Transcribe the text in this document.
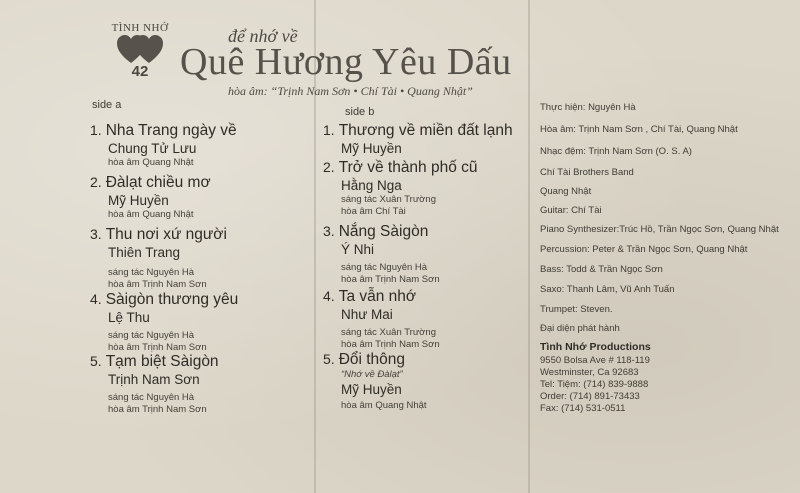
TÌNH NHỚ
42
để nhớ về
Quê Hương Yêu Dấu
hòa âm: “Trịnh Nam Sơn • Chí Tài • Quang Nhật”
side a
side b
1. Nha Trang ngày về
Chung Tử Lưu
hòa âm Quang Nhật
2. Đàlạt chiều mơ
Mỹ Huyền
hòa âm Quang Nhật
3. Thu nơi xứ người
Thiên Trang
sáng tác Nguyên Hà
hòa âm Trịnh Nam Sơn
4. Sàigòn thương yêu
Lệ Thu
sáng tác Nguyên Hà
hòa âm Trịnh Nam Sơn
5. Tạm biệt Sàigòn
Trịnh Nam Sơn
sáng tác Nguyên Hà
hòa âm Trịnh Nam Sơn
1. Thương về miền đất lạnh
Mỹ Huyền
2. Trở về thành phố cũ
Hằng Nga
sáng tác Xuân Trường
hòa âm Chí Tài
3. Nắng Sàigòn
Ý Nhi
sáng tác Nguyên Hà
hòa âm Trịnh Nam Sơn
4. Ta vẫn nhớ
Như Mai
sáng tác Xuân Trường
hòa âm Trịnh Nam Sơn
5. Đổi thông
“Nhớ về Đàlạt”
Mỹ Huyền
hòa âm Quang Nhật
Thực hiện: Nguyên Hà
Hòa âm: Trịnh Nam Sơn , Chí Tài, Quang Nhật
Nhạc đệm: Trịnh Nam Sơn (O. S. A)
Chí Tài Brothers Band
Quang Nhật
Guitar: Chí Tài
Piano Synthesizer:Trúc Hồ, Trần Ngọc Sơn, Quang Nhật
Percussion: Peter & Trần Ngọc Sơn, Quang Nhật
Bass: Todd & Trần Ngọc Sơn
Saxo: Thanh Lâm, Vũ Anh Tuấn
Trumpet: Steven.
Đại diện phát hành
Tình Nhớ Productions
9550 Bolsa Ave # 118-119
Westminster, Ca 92683
Tel: Tiệm: (714) 839-9888
Order: (714) 891-73433
Fax: (714) 531-0511
